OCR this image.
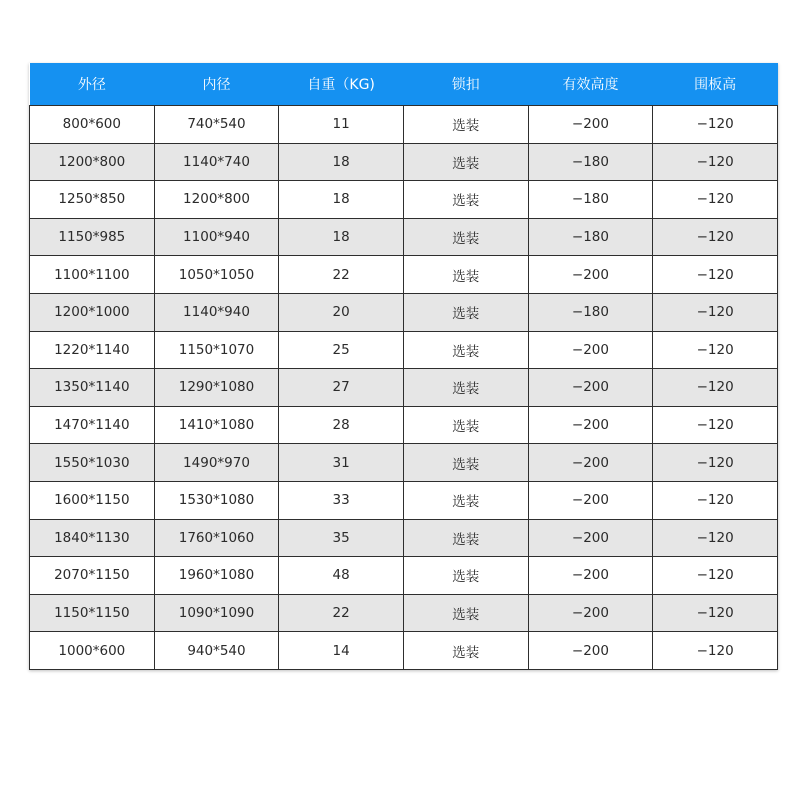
外径	内径	自重（KG)	锁扣	有效高度	围板高
800*600	740*540	11	选装	−200	−120
1200*800	1140*740	18	选装	−180	−120
1250*850	1200*800	18	选装	−180	−120
1150*985	1100*940	18	选装	−180	−120
1100*1100	1050*1050	22	选装	−200	−120
1200*1000	1140*940	20	选装	−180	−120
1220*1140	1150*1070	25	选装	−200	−120
1350*1140	1290*1080	27	选装	−200	−120
1470*1140	1410*1080	28	选装	−200	−120
1550*1030	1490*970	31	选装	−200	−120
1600*1150	1530*1080	33	选装	−200	−120
1840*1130	1760*1060	35	选装	−200	−120
2070*1150	1960*1080	48	选装	−200	−120
1150*1150	1090*1090	22	选装	−200	−120
1000*600	940*540	14	选装	−200	−120
